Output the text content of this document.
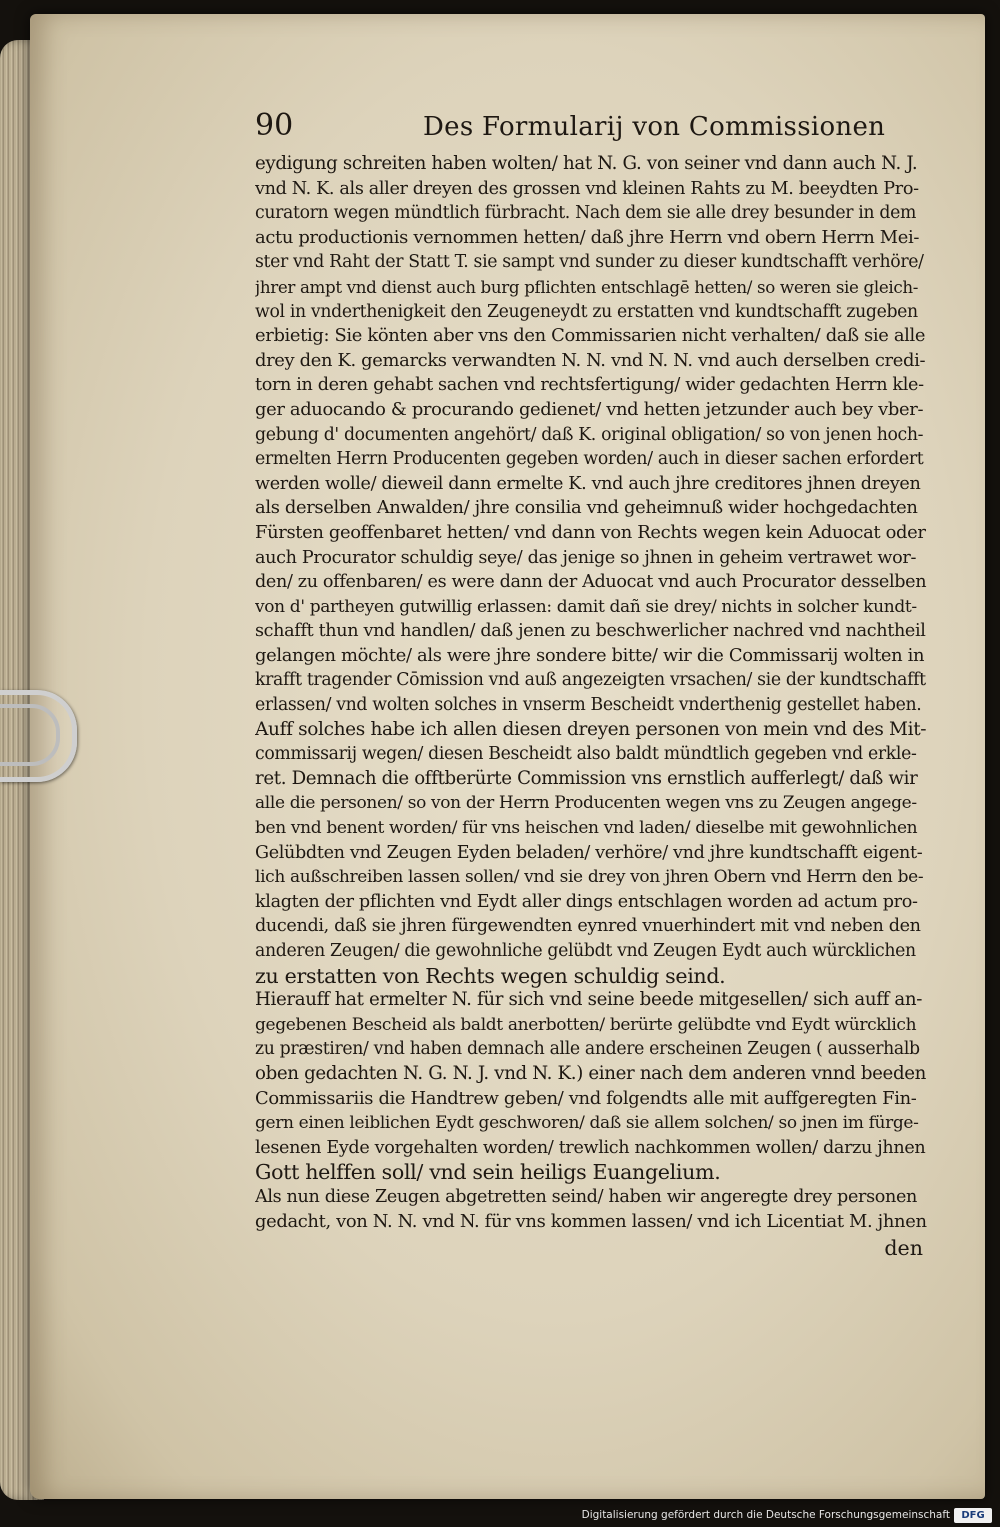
90	Des Formularij von Commissionen
eydigung schreiten haben wolten/ hat N. G. von seiner vnd dann auch N. J.
vnd N. K. als aller dreyen des grossen vnd kleinen Rahts zu M. beeydten Pro-
curatorn wegen mündtlich fürbracht. Nach dem sie alle drey besunder in dem
actu productionis vernommen hetten/ daß jhre Herrn vnd obern Herrn Mei-
ster vnd Raht der Statt T. sie sampt vnd sunder zu dieser kundtschafft verhöre/
jhrer ampt vnd dienst auch burg pflichten entschlagē hetten/ so weren sie gleich-
wol in vnderthenigkeit den Zeugeneydt zu erstatten vnd kundtschafft zugeben
erbietig: Sie könten aber vns den Commissarien nicht verhalten/ daß sie alle
drey den K. gemarcks verwandten N. N. vnd N. N. vnd auch derselben credi-
torn in deren gehabt sachen vnd rechtsfertigung/ wider gedachten Herrn kle-
ger aduocando & procurando gedienet/ vnd hetten jetzunder auch bey vber-
gebung d' documenten angehört/ daß K. original obligation/ so von jenen hoch-
ermelten Herrn Producenten gegeben worden/ auch in dieser sachen erfordert
werden wolle/ dieweil dann ermelte K. vnd auch jhre creditores jhnen dreyen
als derselben Anwalden/ jhre consilia vnd geheimnuß wider hochgedachten
Fürsten geoffenbaret hetten/ vnd dann von Rechts wegen kein Aduocat oder
auch Procurator schuldig seye/ das jenige so jhnen in geheim vertrawet wor-
den/ zu offenbaren/ es were dann der Aduocat vnd auch Procurator desselben
von d' partheyen gutwillig erlassen: damit dañ sie drey/ nichts in solcher kundt-
schafft thun vnd handlen/ daß jenen zu beschwerlicher nachred vnd nachtheil
gelangen möchte/ als were jhre sondere bitte/ wir die Commissarij wolten in
krafft tragender Cōmission vnd auß angezeigten vrsachen/ sie der kundtschafft
erlassen/ vnd wolten solches in vnserm Bescheidt vnderthenig gestellet haben.
Auff solches habe ich allen diesen dreyen personen von mein vnd des Mit-
commissarij wegen/ diesen Bescheidt also baldt mündtlich gegeben vnd erkle-
ret. Demnach die offtberürte Commission vns ernstlich aufferlegt/ daß wir
alle die personen/ so von der Herrn Producenten wegen vns zu Zeugen angege-
ben vnd benent worden/ für vns heischen vnd laden/ dieselbe mit gewohnlichen
Gelübdten vnd Zeugen Eyden beladen/ verhöre/ vnd jhre kundtschafft eigent-
lich außschreiben lassen sollen/ vnd sie drey von jhren Obern vnd Herrn den be-
klagten der pflichten vnd Eydt aller dings entschlagen worden ad actum pro-
ducendi, daß sie jhren fürgewendten eynred vnuerhindert mit vnd neben den
anderen Zeugen/ die gewohnliche gelübdt vnd Zeugen Eydt auch würcklichen
zu erstatten von Rechts wegen schuldig seind.
Hierauff hat ermelter N. für sich vnd seine beede mitgesellen/ sich auff an-
gegebenen Bescheid als baldt anerbotten/ berürte gelübdte vnd Eydt würcklich
zu præstiren/ vnd haben demnach alle andere erscheinen Zeugen ( ausserhalb
oben gedachten N. G. N. J. vnd N. K.) einer nach dem anderen vnnd beeden
Commissariis die Handtrew geben/ vnd folgendts alle mit auffgeregten Fin-
gern einen leiblichen Eydt geschworen/ daß sie allem solchen/ so jnen im fürge-
lesenen Eyde vorgehalten worden/ trewlich nachkommen wollen/ darzu jhnen
Gott helffen soll/ vnd sein heiligs Euangelium.
Als nun diese Zeugen abgetretten seind/ haben wir angeregte drey personen
gedacht, von N. N. vnd N. für vns kommen lassen/ vnd ich Licentiat M. jhnen
den
Digitalisierung gefördert durch die Deutsche Forschungsgemeinschaft	DFG
